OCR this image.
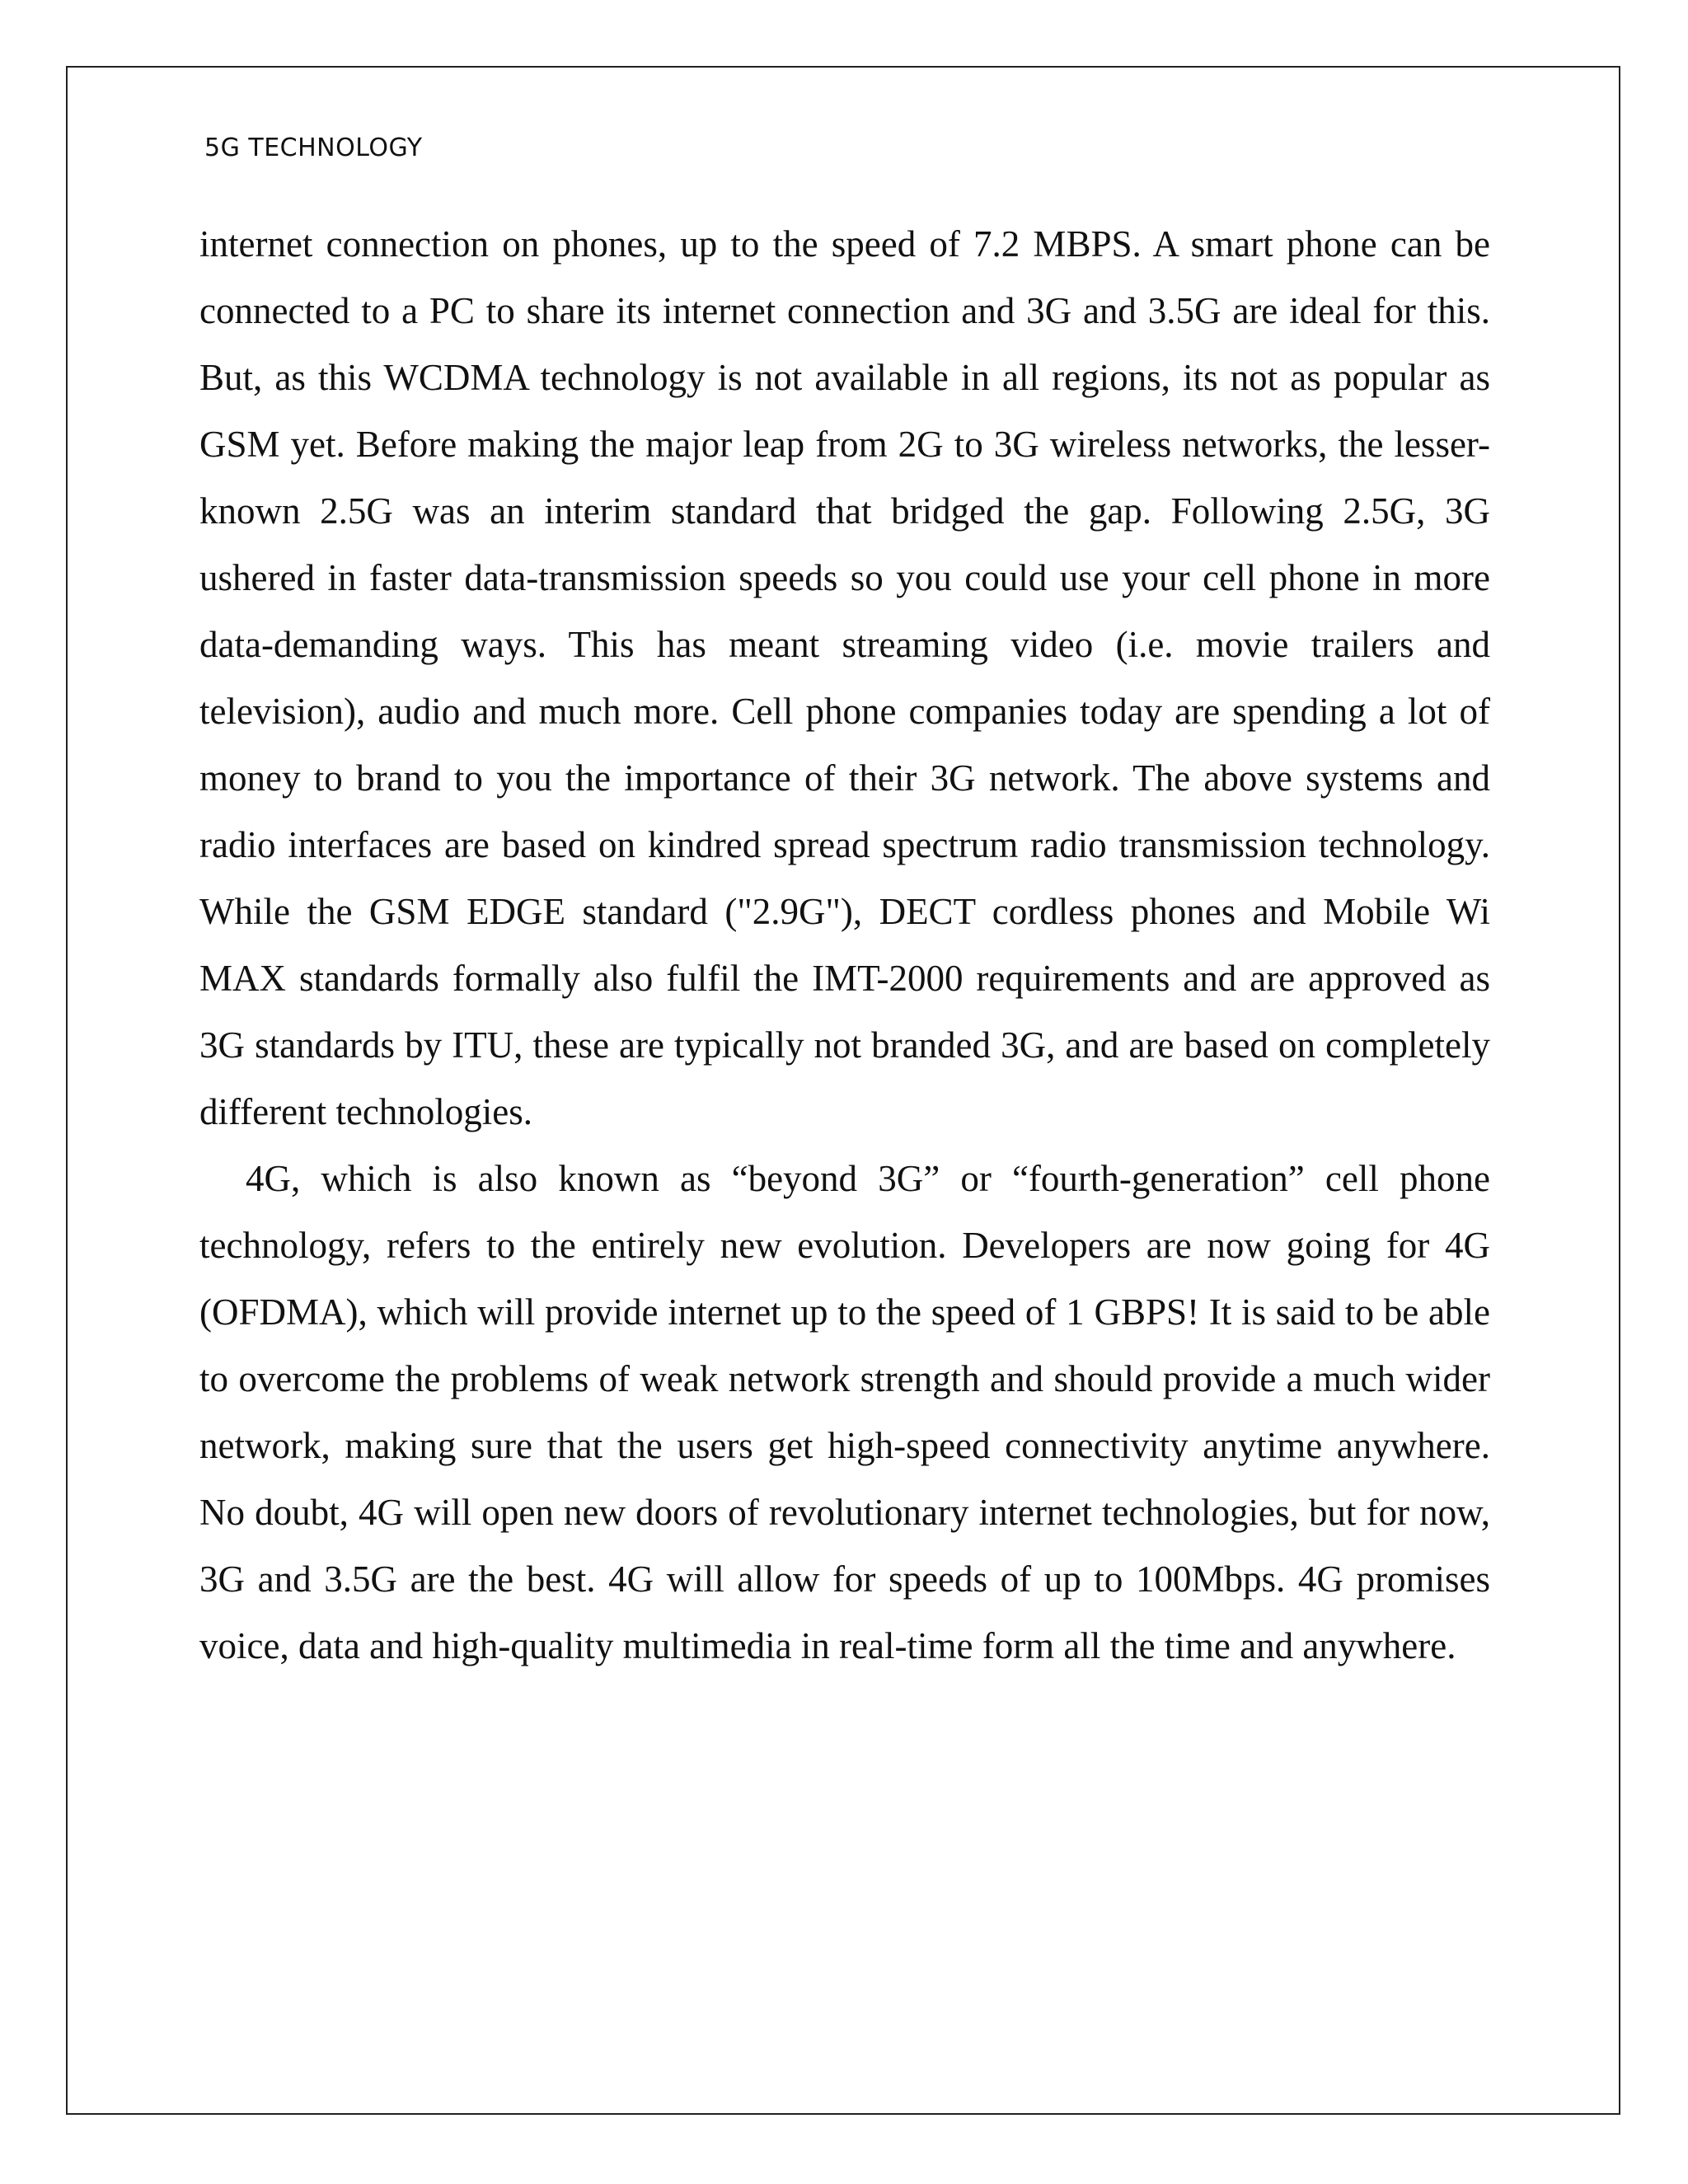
5G TECHNOLOGY

internet connection on phones, up to the speed of 7.2 MBPS. A smart phone can be connected to a PC to share its internet connection and 3G and 3.5G are ideal for this. But, as this WCDMA technology is not available in all regions, its not as popular as GSM yet. Before making the major leap from 2G to 3G wireless networks, the lesser-known 2.5G was an interim standard that bridged the gap. Following 2.5G, 3G ushered in faster data-transmission speeds so you could use your cell phone in more data-demanding ways. This has meant streaming video (i.e. movie trailers and television), audio and much more. Cell phone companies today are spending a lot of money to brand to you the importance of their 3G network. The above systems and radio interfaces are based on kindred spread spectrum radio transmission technology. While the GSM EDGE standard ("2.9G"), DECT cordless phones and Mobile Wi MAX standards formally also fulfil the IMT-2000 requirements and are approved as 3G standards by ITU, these are typically not branded 3G, and are based on completely different technologies.

4G, which is also known as “beyond 3G” or “fourth-generation” cell phone technology, refers to the entirely new evolution. Developers are now going for 4G (OFDMA), which will provide internet up to the speed of 1 GBPS! It is said to be able to overcome the problems of weak network strength and should provide a much wider network, making sure that the users get high-speed connectivity anytime anywhere. No doubt, 4G will open new doors of revolutionary internet technologies, but for now, 3G and 3.5G are the best. 4G will allow for speeds of up to 100Mbps. 4G promises voice, data and high-quality multimedia in real-time form all the time and anywhere.
